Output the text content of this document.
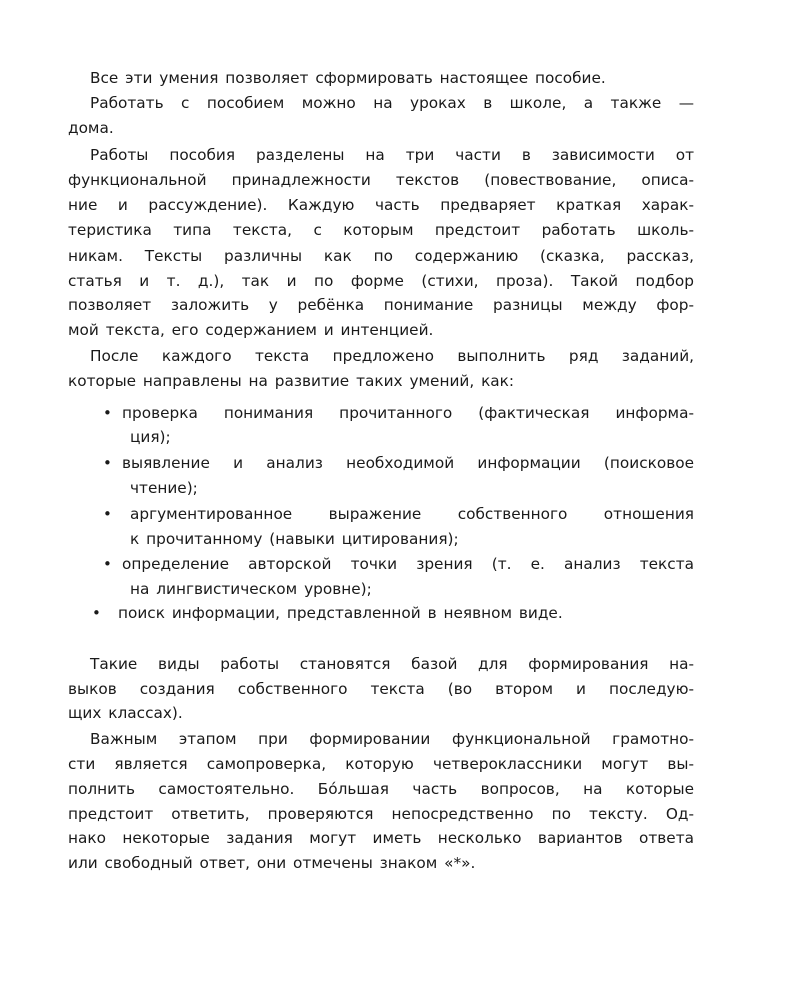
Все эти умения позволяет сформировать настоящее пособие.
Работать с пособием можно на уроках в школе, а также —
дома.
Работы пособия разделены на три части в зависимости от
функциональной принадлежности текстов (повествование, описа-
ние и рассуждение). Каждую часть предваряет краткая харак-
теристика типа текста, с которым предстоит работать школь-
никам. Тексты различны как по содержанию (сказка, рассказ,
статья и т. д.), так и по форме (стихи, проза). Такой подбор
позволяет заложить у ребёнка понимание разницы между фор-
мой текста, его содержанием и интенцией.
После каждого текста предложено выполнить ряд заданий,
которые направлены на развитие таких умений, как:
• проверка понимания прочитанного (фактическая информа-
ция);
• выявление и анализ необходимой информации (поисковое
чтение);
• аргументированное выражение собственного отношения
к прочитанному (навыки цитирования);
• определение авторской точки зрения (т. е. анализ текста
на лингвистическом уровне);
• поиск информации, представленной в неявном виде.
Такие виды работы становятся базой для формирования на-
выков создания собственного текста (во втором и последую-
щих классах).
Важным этапом при формировании функциональной грамотно-
сти является самопроверка, которую четвероклассники могут вы-
полнить самостоятельно. Бóльшая часть вопросов, на которые
предстоит ответить, проверяются непосредственно по тексту. Од-
нако некоторые задания могут иметь несколько вариантов ответа
или свободный ответ, они отмечены знаком «*».
